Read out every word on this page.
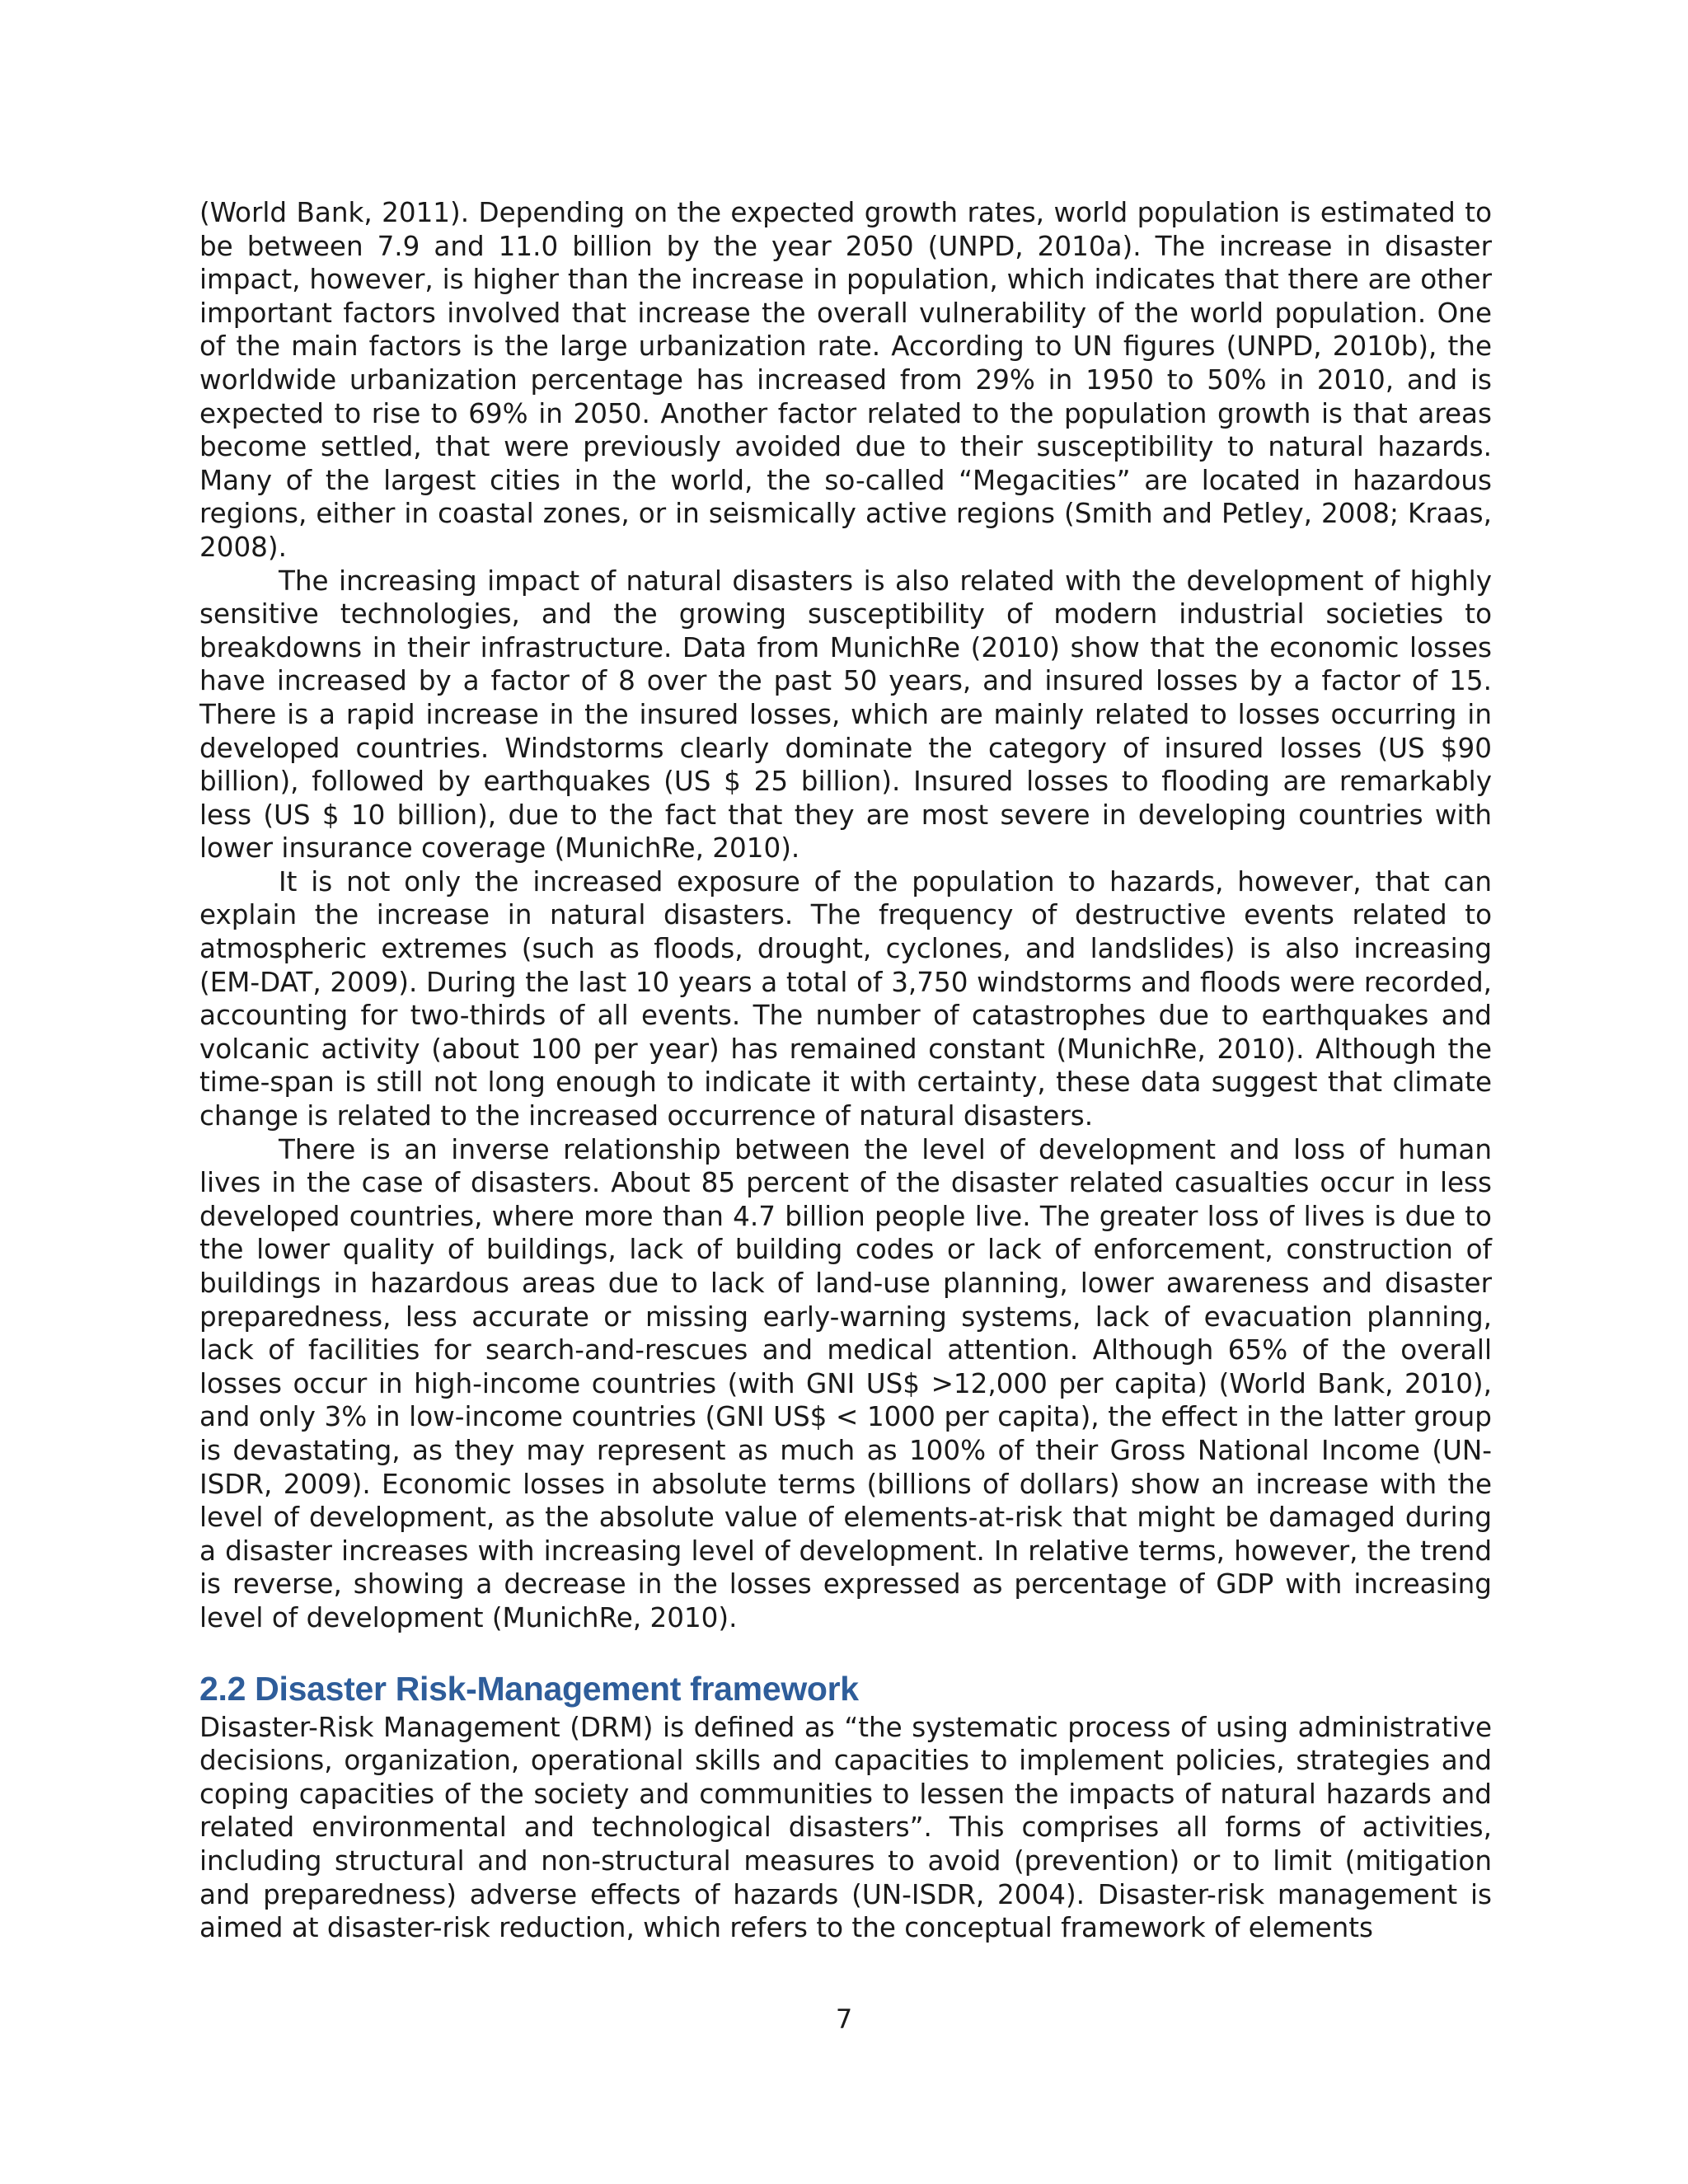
(World Bank, 2011). Depending on the expected growth rates, world population is estimated to be between 7.9 and 11.0 billion by the year 2050 (UNPD, 2010a). The increase in disaster impact, however, is higher than the increase in population, which indicates that there are other important factors involved that increase the overall vulnerability of the world population. One of the main factors is the large urbanization rate. According to UN figures (UNPD, 2010b), the worldwide urbanization percentage has increased from 29% in 1950 to 50% in 2010, and is expected to rise to 69% in 2050. Another factor related to the population growth is that areas become settled, that were previously avoided due to their susceptibility to natural hazards. Many of the largest cities in the world, the so-called “Megacities” are located in hazardous regions, either in coastal zones, or in seismically active regions (Smith and Petley, 2008; Kraas, 2008).

The increasing impact of natural disasters is also related with the development of highly sensitive technologies, and the growing susceptibility of modern industrial societies to breakdowns in their infrastructure. Data from MunichRe (2010) show that the economic losses have increased by a factor of 8 over the past 50 years, and insured losses by a factor of 15. There is a rapid increase in the insured losses, which are mainly related to losses occurring in developed countries. Windstorms clearly dominate the category of insured losses (US $90 billion), followed by earthquakes (US $ 25 billion). Insured losses to flooding are remarkably less (US $ 10 billion), due to the fact that they are most severe in developing countries with lower insurance coverage (MunichRe, 2010).

It is not only the increased exposure of the population to hazards, however, that can explain the increase in natural disasters. The frequency of destructive events related to atmospheric extremes (such as floods, drought, cyclones, and landslides) is also increasing (EM-DAT, 2009). During the last 10 years a total of 3,750 windstorms and floods were recorded, accounting for two-thirds of all events. The number of catastrophes due to earthquakes and volcanic activity (about 100 per year) has remained constant (MunichRe, 2010). Although the time-span is still not long enough to indicate it with certainty, these data suggest that climate change is related to the increased occurrence of natural disasters.

There is an inverse relationship between the level of development and loss of human lives in the case of disasters. About 85 percent of the disaster related casualties occur in less developed countries, where more than 4.7 billion people live. The greater loss of lives is due to the lower quality of buildings, lack of building codes or lack of enforcement, construction of buildings in hazardous areas due to lack of land-use planning, lower awareness and disaster preparedness, less accurate or missing early-warning systems, lack of evacuation planning, lack of facilities for search-and-rescues and medical attention. Although 65% of the overall losses occur in high-income countries (with GNI US$ >12,000 per capita) (World Bank, 2010), and only 3% in low-income countries (GNI US$ < 1000 per capita), the effect in the latter group is devastating, as they may represent as much as 100% of their Gross National Income (UN-ISDR, 2009). Economic losses in absolute terms (billions of dollars) show an increase with the level of development, as the absolute value of elements-at-risk that might be damaged during a disaster increases with increasing level of development. In relative terms, however, the trend is reverse, showing a decrease in the losses expressed as percentage of GDP with increasing level of development (MunichRe, 2010).

2.2 Disaster Risk-Management framework

Disaster-Risk Management (DRM) is defined as “the systematic process of using administrative decisions, organization, operational skills and capacities to implement policies, strategies and coping capacities of the society and communities to lessen the impacts of natural hazards and related environmental and technological disasters”. This comprises all forms of activities, including structural and non-structural measures to avoid (prevention) or to limit (mitigation and preparedness) adverse effects of hazards (UN-ISDR, 2004). Disaster-risk management is aimed at disaster-risk reduction, which refers to the conceptual framework of elements

7
